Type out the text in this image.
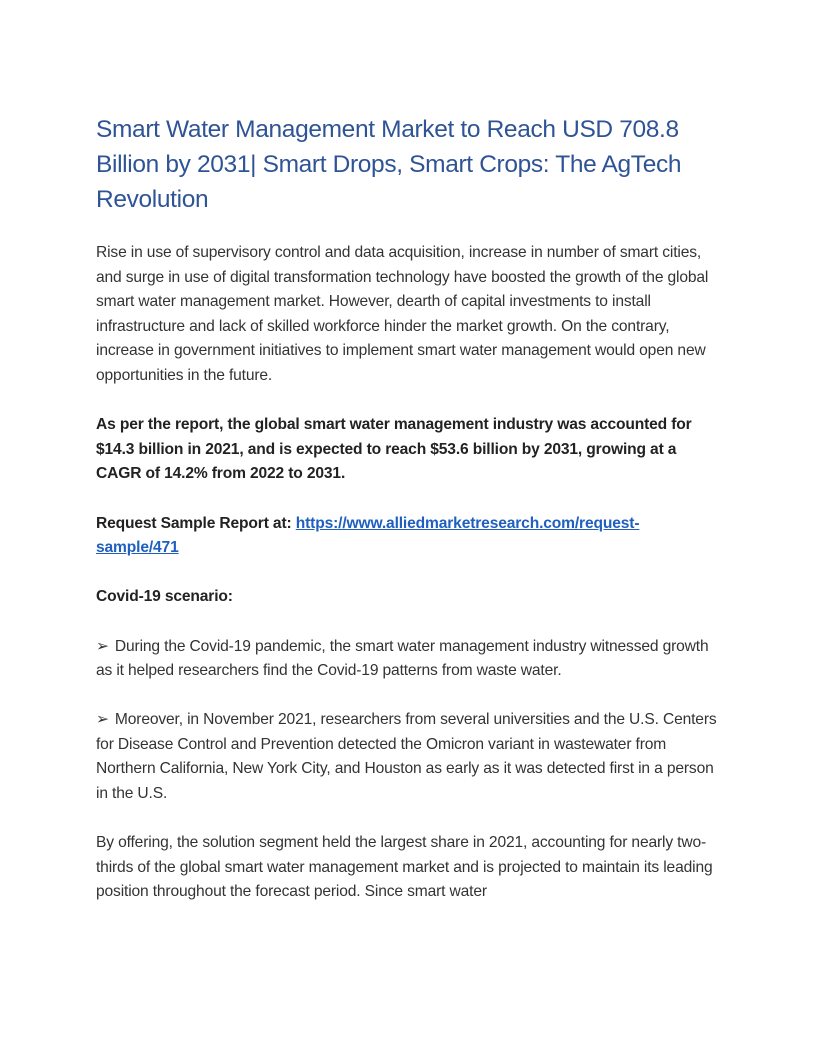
Smart Water Management Market to Reach USD 708.8 Billion by 2031| Smart Drops, Smart Crops: The AgTech Revolution

Rise in use of supervisory control and data acquisition, increase in number of smart cities, and surge in use of digital transformation technology have boosted the growth of the global smart water management market. However, dearth of capital investments to install infrastructure and lack of skilled workforce hinder the market growth. On the contrary, increase in government initiatives to implement smart water management would open new opportunities in the future.

As per the report, the global smart water management industry was accounted for $14.3 billion in 2021, and is expected to reach $53.6 billion by 2031, growing at a CAGR of 14.2% from 2022 to 2031.

Request Sample Report at: https://www.alliedmarketresearch.com/request-sample/471

Covid-19 scenario:

➢ During the Covid-19 pandemic, the smart water management industry witnessed growth as it helped researchers find the Covid-19 patterns from waste water.

➢ Moreover, in November 2021, researchers from several universities and the U.S. Centers for Disease Control and Prevention detected the Omicron variant in wastewater from Northern California, New York City, and Houston as early as it was detected first in a person in the U.S.

By offering, the solution segment held the largest share in 2021, accounting for nearly two-thirds of the global smart water management market and is projected to maintain its leading position throughout the forecast period. Since smart water
